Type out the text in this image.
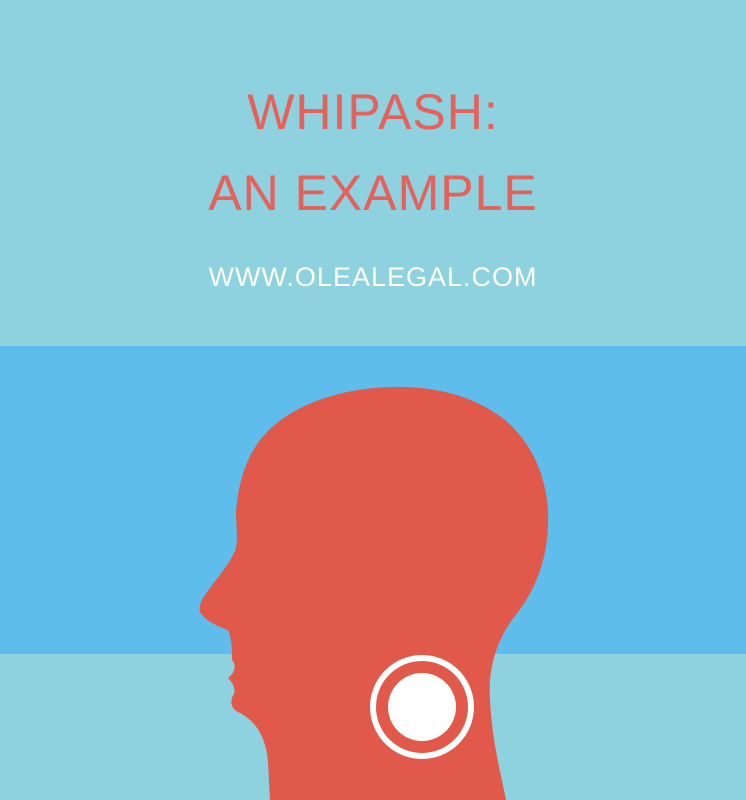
WHIPASH:
AN EXAMPLE
WWW.OLEALEGAL.COM
